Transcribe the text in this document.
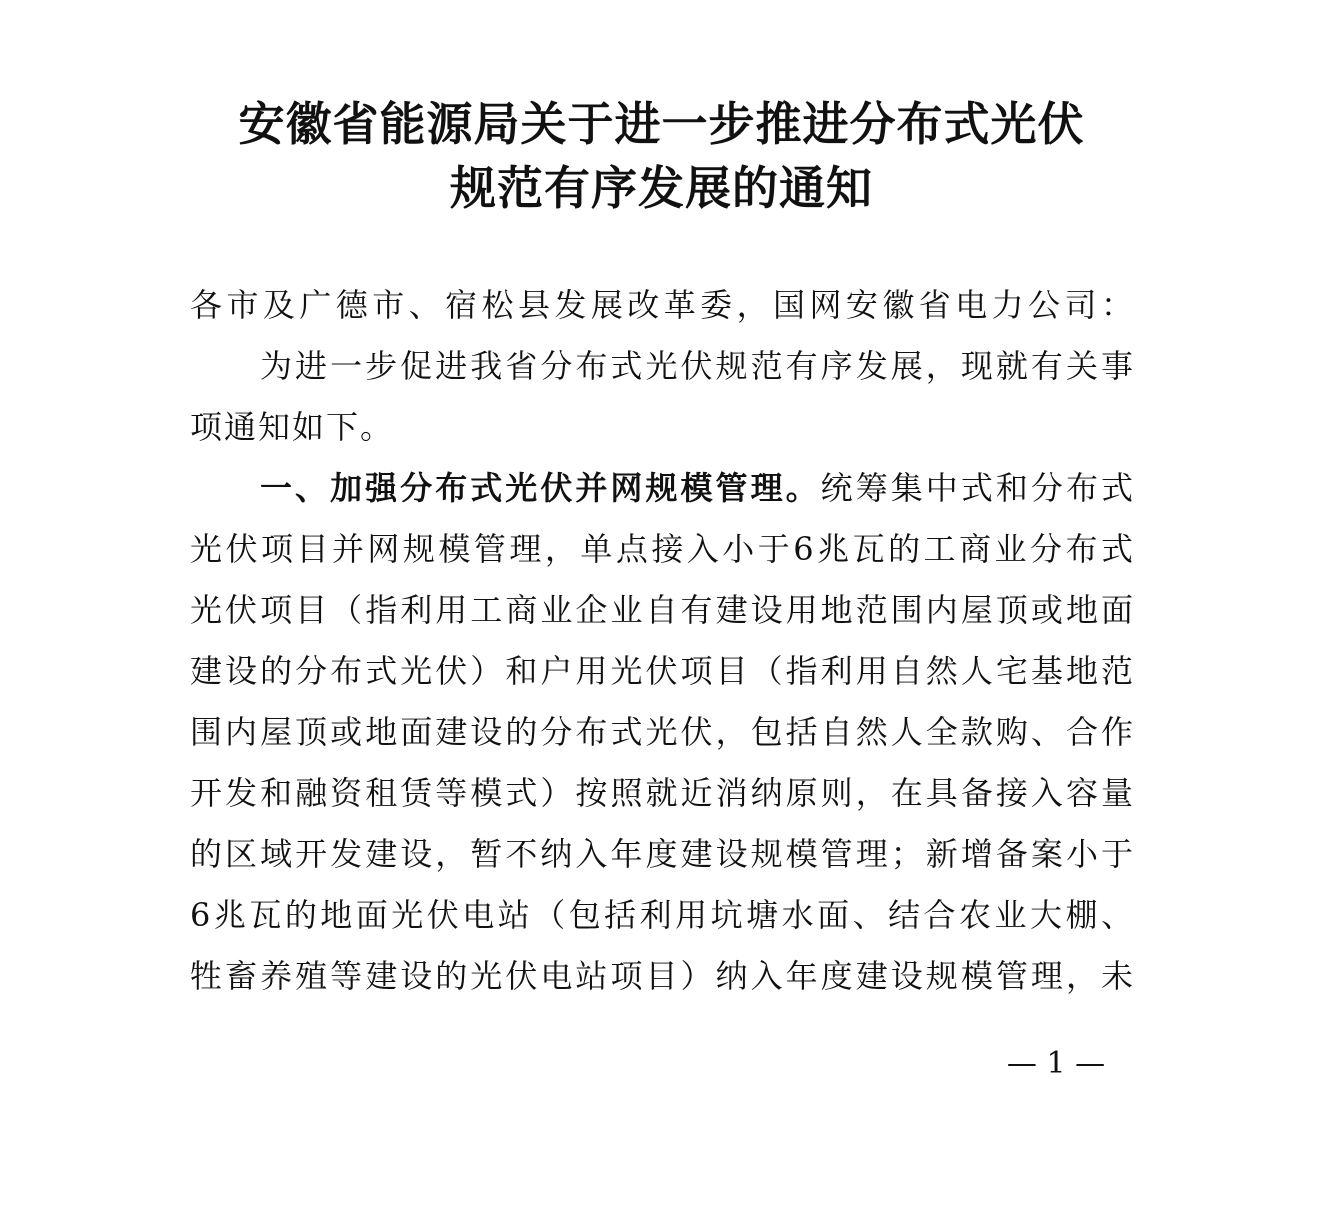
安徽省能源局关于进一步推进分布式光伏
规范有序发展的通知
各市及广德市、宿松县发展改革委，国网安徽省电力公司：
为进一步促进我省分布式光伏规范有序发展，现就有关事
项通知如下。
一、加强分布式光伏并网规模管理。统筹集中式和分布式
光伏项目并网规模管理，单点接入小于6兆瓦的工商业分布式
光伏项目（指利用工商业企业自有建设用地范围内屋顶或地面
建设的分布式光伏）和户用光伏项目（指利用自然人宅基地范
围内屋顶或地面建设的分布式光伏，包括自然人全款购、合作
开发和融资租赁等模式）按照就近消纳原则，在具备接入容量
的区域开发建设，暂不纳入年度建设规模管理；新增备案小于
6兆瓦的地面光伏电站（包括利用坑塘水面、结合农业大棚、
牲畜养殖等建设的光伏电站项目）纳入年度建设规模管理，未
— 1 —
